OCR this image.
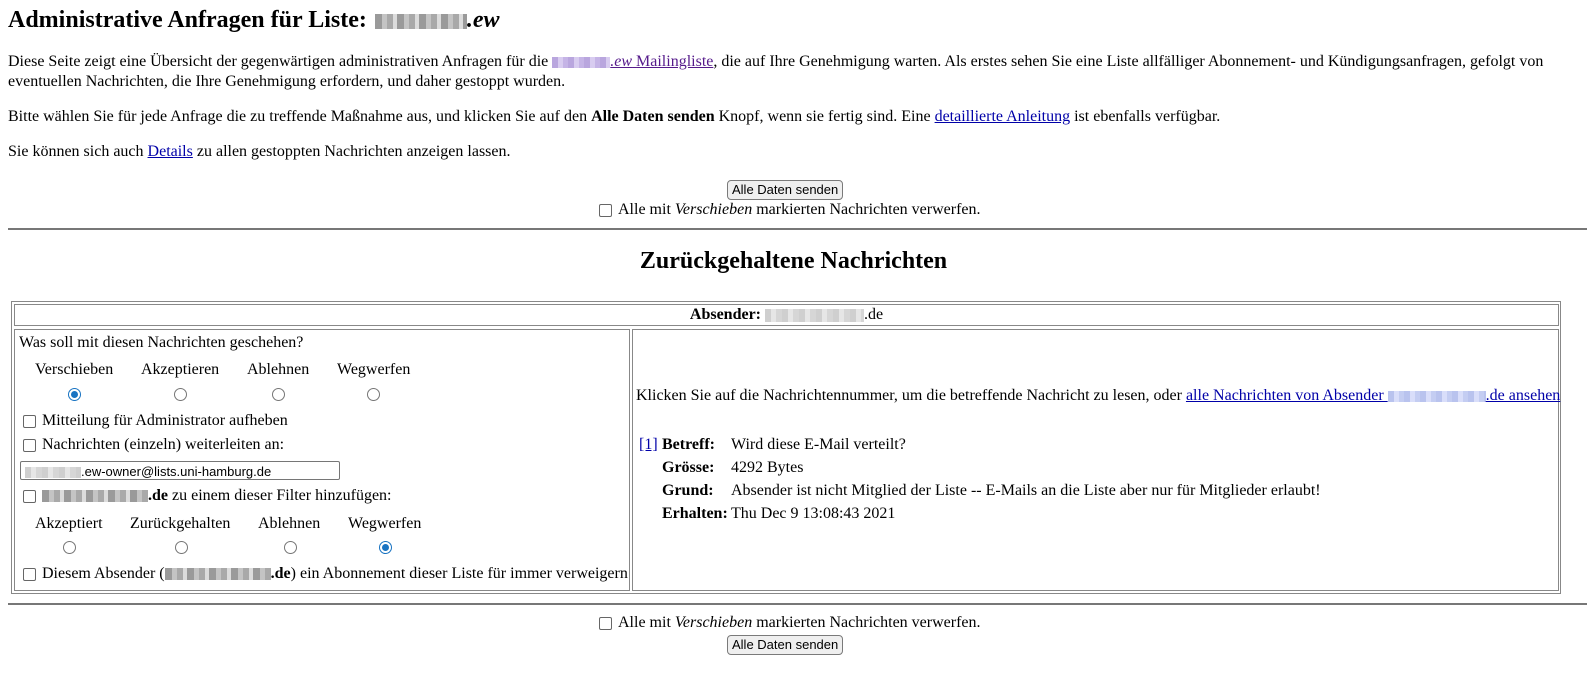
Administrative Anfragen für Liste:	.ew

Diese Seite zeigt eine Übersicht der gegenwärtigen administrativen Anfragen für die	.ew Mailingliste, die auf Ihre Genehmigung warten. Als erstes sehen Sie eine Liste allfälliger Abonnement- und Kündigungsanfragen, gefolgt von eventuellen Nachrichten, die Ihre Genehmigung erfordern, und daher gestoppt wurden.

Bitte wählen Sie für jede Anfrage die zu treffende Maßnahme aus, und klicken Sie auf den Alle Daten senden Knopf, wenn sie fertig sind. Eine detaillierte Anleitung ist ebenfalls verfügbar.

Sie können sich auch Details zu allen gestoppten Nachrichten anzeigen lassen.

Alle Daten senden
Alle mit Verschieben markierten Nachrichten verwerfen.
Zurückgehaltene Nachrichten
Absender:	.de
Was soll mit diesen Nachrichten geschehen?
Verschieben Akzeptieren Ablehnen Wegwerfen
Mitteilung für Administrator aufheben
Nachrichten (einzeln) weiterleiten an:
.ew-owner@lists.uni-hamburg.de
.de zu einem dieser Filter hinzufügen:
Akzeptiert Zurückgehalten Ablehnen Wegwerfen
Diesem Absender (	.de) ein Abonnement dieser Liste für immer verweigern
Klicken Sie auf die Nachrichtennummer, um die betreffende Nachricht zu lesen, oder alle Nachrichten von Absender	.de ansehen
[1] Betreff: Wird diese E-Mail verteilt?
Grösse: 4292 Bytes
Grund: Absender ist nicht Mitglied der Liste -- E-Mails an die Liste aber nur für Mitglieder erlaubt!
Erhalten: Thu Dec 9 13:08:43 2021
Alle mit Verschieben markierten Nachrichten verwerfen.
Alle Daten senden
